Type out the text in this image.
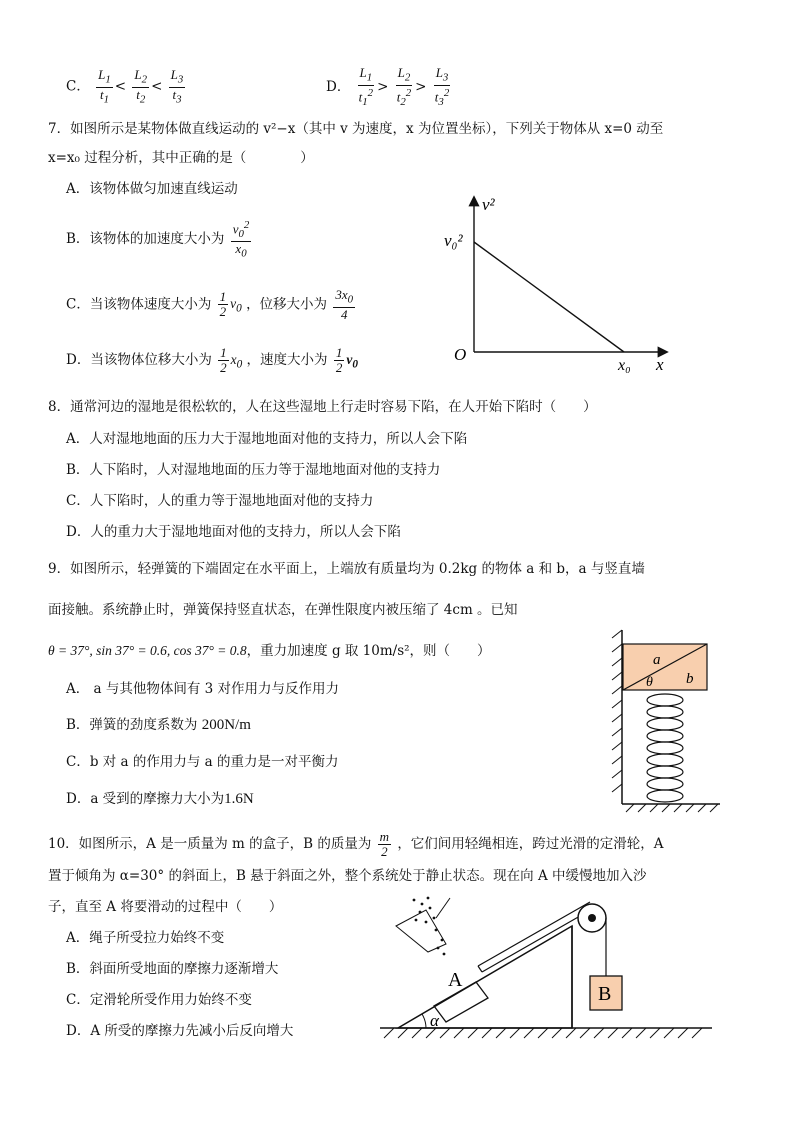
C． $\frac{L_1}{t_1} < \frac{L_2}{t_2} < \frac{L_3}{t_3}$	D． $\frac{L_1}{t_1^2} > \frac{L_2}{t_2^2} > \frac{L_3}{t_3^2}$
7．如图所示是某物体做直线运动的 v²−x（其中 v 为速度，x 为位置坐标），下列关于物体从 x=0 动至
x=x₀ 过程分析，其中正确的是（　　　　）
A．该物体做匀加速直线运动
B．该物体的加速度大小为 $\frac{v_0^2}{x_0}$
C．当该物体速度大小为 $\frac{1}{2} v_0$ ，位移大小为 $\frac{3x_0}{4}$
D．当该物体位移大小为 $\frac{1}{2} x_0$ ，速度大小为 $\frac{1}{2} v_0$
v²
v₀²
O
x₀ x
8．通常河边的湿地是很松软的，人在这些湿地上行走时容易下陷，在人开始下陷时（　　）
A．人对湿地地面的压力大于湿地地面对他的支持力，所以人会下陷
B．人下陷时，人对湿地地面的压力等于湿地地面对他的支持力
C．人下陷时，人的重力等于湿地地面对他的支持力
D．人的重力大于湿地地面对他的支持力，所以人会下陷
9．如图所示，轻弹簧的下端固定在水平面上，上端放有质量均为 0.2kg 的物体 a 和 b，a 与竖直墙
面接触。系统静止时，弹簧保持竖直状态，在弹性限度内被压缩了 4cm 。已知
θ = 37°, sin 37° = 0.6, cos 37° = 0.8，重力加速度 g 取 10m/s²，则（　　）
A． a 与其他物体间有 3 对作用力与反作用力
B．弹簧的劲度系数为 200N/m
C．b 对 a 的作用力与 a 的重力是一对平衡力
D．a 受到的摩擦力大小为1.6N
a
b
θ
10．如图所示，A 是一质量为 m 的盒子，B 的质量为 $\frac{m}{2}$ ，它们间用轻绳相连，跨过光滑的定滑轮，A
置于倾角为 α=30° 的斜面上，B 悬于斜面之外，整个系统处于静止状态。现在向 A 中缓慢地加入沙
子，直至 A 将要滑动的过程中（　　）
A．绳子所受拉力始终不变
B．斜面所受地面的摩擦力逐渐增大
C．定滑轮所受作用力始终不变
D．A 所受的摩擦力先减小后反向增大
α
A
B
